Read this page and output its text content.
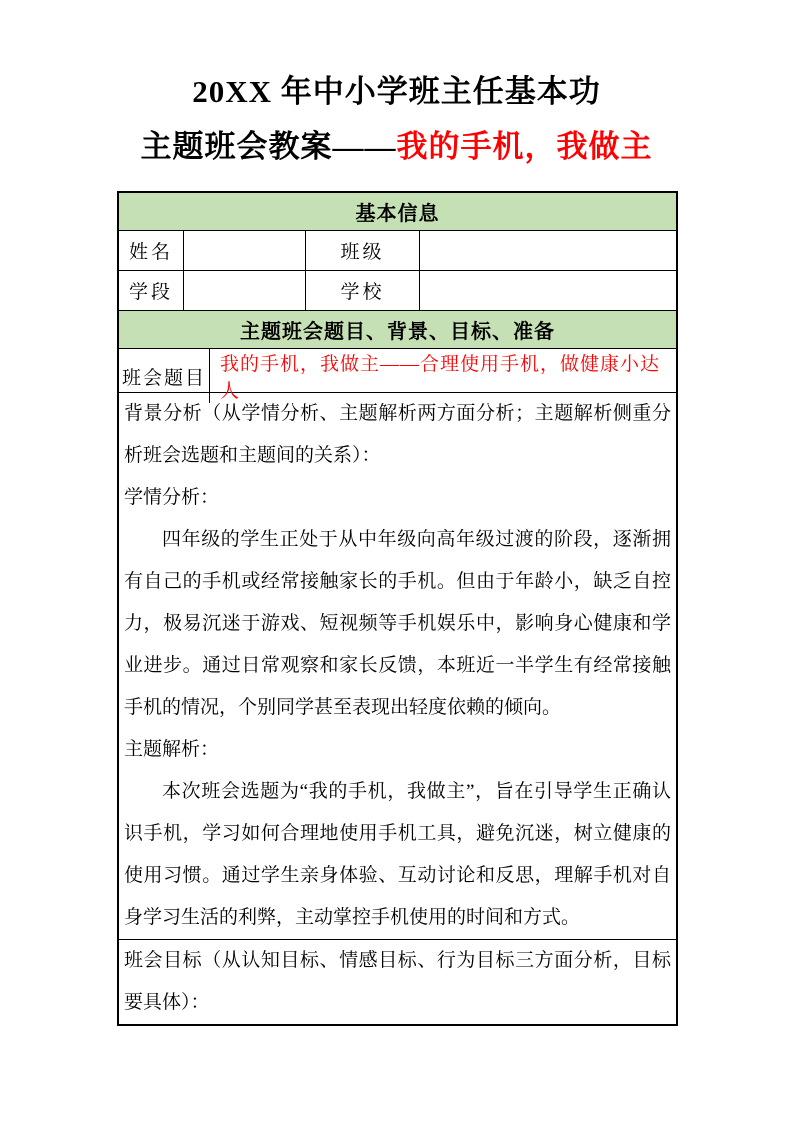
20XX 年中小学班主任基本功
主题班会教案——我的手机，我做主
基本信息
姓名	班级
学段	学校
主题班会题目、背景、目标、准备
班会题目
我的手机，我做主——合理使用手机，做健康小达人

背景分析（从学情分析、主题解析两方面分析；主题解析侧重分析班会选题和主题间的关系）：

学情分析：

四年级的学生正处于从中年级向高年级过渡的阶段，逐渐拥有自己的手机或经常接触家长的手机。但由于年龄小，缺乏自控力，极易沉迷于游戏、短视频等手机娱乐中，影响身心健康和学业进步。通过日常观察和家长反馈，本班近一半学生有经常接触手机的情况，个别同学甚至表现出轻度依赖的倾向。

主题解析：

本次班会选题为“我的手机，我做主”，旨在引导学生正确认识手机，学习如何合理地使用手机工具，避免沉迷，树立健康的使用习惯。通过学生亲身体验、互动讨论和反思，理解手机对自身学习生活的利弊，主动掌控手机使用的时间和方式。

班会目标（从认知目标、情感目标、行为目标三方面分析，目标要具体）：
